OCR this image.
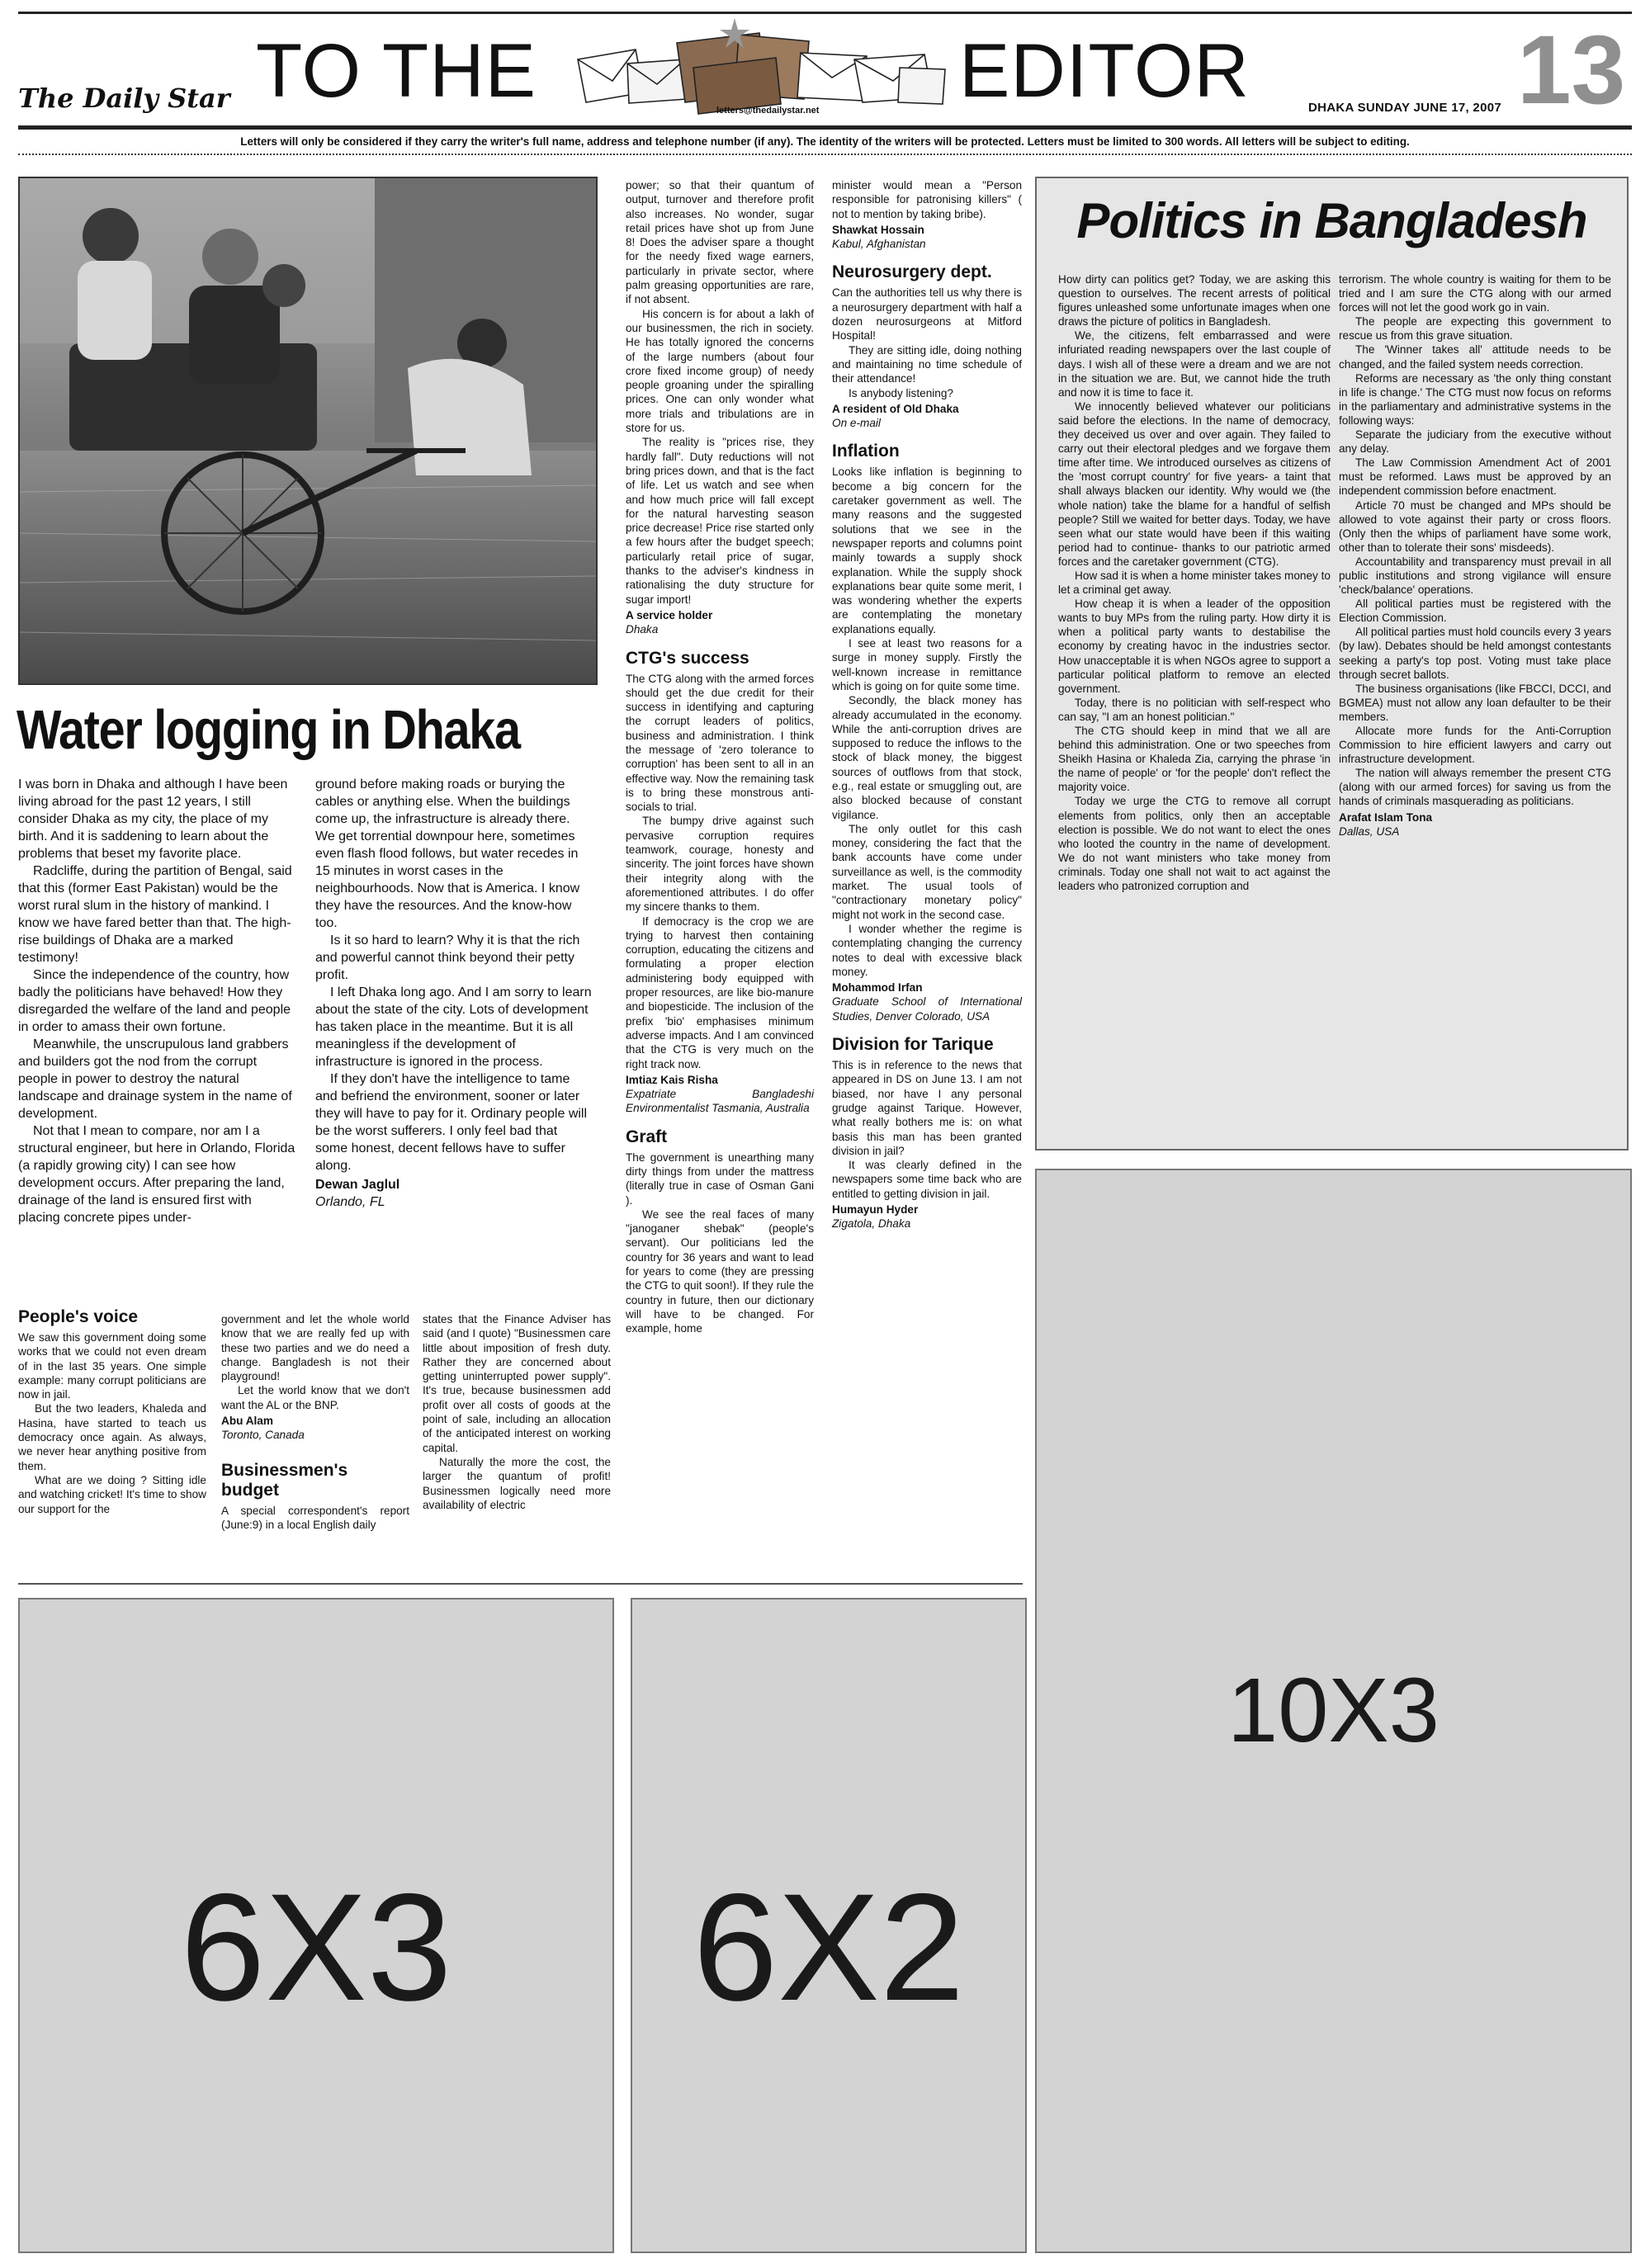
The Daily Star TO THE	letters@thedailystar.net EDITOR	DHAKA SUNDAY JUNE 17, 2007 13
Letters will only be considered if they carry the writer's full name, address and telephone number (if any). The identity of the writers will be protected. Letters must be limited to 300 words. All letters will be subject to editing.
Water logging in Dhaka

I was born in Dhaka and although I have been living abroad for the past 12 years, I still consider Dhaka as my city, the place of my birth. And it is saddening to learn about the problems that beset my favorite place.

Radcliffe, during the partition of Bengal, said that this (former East Pakistan) would be the worst rural slum in the history of mankind. I know we have fared better than that. The high-rise buildings of Dhaka are a marked testimony!

Since the independence of the country, how badly the politicians have behaved! How they disregarded the welfare of the land and people in order to amass their own fortune.

Meanwhile, the unscrupulous land grabbers and builders got the nod from the corrupt people in power to destroy the natural landscape and drainage system in the name of development.

Not that I mean to compare, nor am I a structural engineer, but here in Orlando, Florida (a rapidly growing city) I can see how development occurs. After preparing the land, drainage of the land is ensured first with placing concrete pipes under-

ground before making roads or burying the cables or anything else. When the buildings come up, the infrastructure is already there. We get torrential downpour here, sometimes even flash flood follows, but water recedes in 15 minutes in worst cases in the neighbourhoods. Now that is America. I know they have the resources. And the know-how too.

Is it so hard to learn? Why it is that the rich and powerful cannot think beyond their petty profit.

I left Dhaka long ago. And I am sorry to learn about the state of the city. Lots of development has taken place in the meantime. But it is all meaningless if the development of infrastructure is ignored in the process.

If they don't have the intelligence to tame and befriend the environment, sooner or later they will have to pay for it. Ordinary people will be the worst sufferers. I only feel bad that some honest, decent fellows have to suffer along.

Dewan Jaglul

Orlando, FL

People's voice

We saw this government doing some works that we could not even dream of in the last 35 years. One simple example: many corrupt politicians are now in jail.

But the two leaders, Khaleda and Hasina, have started to teach us democracy once again. As always, we never hear anything positive from them.

What are we doing ? Sitting idle and watching cricket! It's time to show our support for the

government and let the whole world know that we are really fed up with these two parties and we do need a change. Bangladesh is not their playground!

Let the world know that we don't want the AL or the BNP.

Abu Alam

Toronto, Canada

Businessmen's budget

A special correspondent's report (June:9) in a local English daily

states that the Finance Adviser has said (and I quote) "Businessmen care little about imposition of fresh duty. Rather they are concerned about getting uninterrupted power supply". It's true, because businessmen add profit over all costs of goods at the point of sale, including an allocation of the anticipated interest on working capital.

Naturally the more the cost, the larger the quantum of profit! Businessmen logically need more availability of electric

power; so that their quantum of output, turnover and therefore profit also increases. No wonder, sugar retail prices have shot up from June 8! Does the adviser spare a thought for the needy fixed wage earners, particularly in private sector, where palm greasing opportunities are rare, if not absent.

His concern is for about a lakh of our businessmen, the rich in society. He has totally ignored the concerns of the large numbers (about four crore fixed income group) of needy people groaning under the spiralling prices. One can only wonder what more trials and tribulations are in store for us.

The reality is "prices rise, they hardly fall". Duty reductions will not bring prices down, and that is the fact of life. Let us watch and see when and how much price will fall except for the natural harvesting season price decrease! Price rise started only a few hours after the budget speech; particularly retail price of sugar, thanks to the adviser's kindness in rationalising the duty structure for sugar import!

A service holder

Dhaka

CTG's success

The CTG along with the armed forces should get the due credit for their success in identifying and capturing the corrupt leaders of politics, business and administration. I think the message of 'zero tolerance to corruption' has been sent to all in an effective way. Now the remaining task is to bring these monstrous anti-socials to trial.

The bumpy drive against such pervasive corruption requires teamwork, courage, honesty and sincerity. The joint forces have shown their integrity along with the aforementioned attributes. I do offer my sincere thanks to them.

If democracy is the crop we are trying to harvest then containing corruption, educating the citizens and formulating a proper election administering body equipped with proper resources, are like bio-manure and biopesticide. The inclusion of the prefix 'bio' emphasises minimum adverse impacts. And I am convinced that the CTG is very much on the right track now.

Imtiaz Kais Risha

Expatriate Bangladeshi Environmentalist Tasmania, Australia

Graft

The government is unearthing many dirty things from under the mattress (literally true in case of Osman Gani ).

We see the real faces of many "janoganer shebak" (people's servant). Our politicians led the country for 36 years and want to lead for years to come (they are pressing the CTG to quit soon!). If they rule the country in future, then our dictionary will have to be changed. For example, home

minister would mean a "Person responsible for patronising killers" ( not to mention by taking bribe).

Shawkat Hossain

Kabul, Afghanistan

Neurosurgery dept.

Can the authorities tell us why there is a neurosurgery department with half a dozen neurosurgeons at Mitford Hospital!

They are sitting idle, doing nothing and maintaining no time schedule of their attendance!

Is anybody listening?

A resident of Old Dhaka

On e-mail

Inflation

Looks like inflation is beginning to become a big concern for the caretaker government as well. The many reasons and the suggested solutions that we see in the newspaper reports and columns point mainly towards a supply shock explanation. While the supply shock explanations bear quite some merit, I was wondering whether the experts are contemplating the monetary explanations equally.

I see at least two reasons for a surge in money supply. Firstly the well-known increase in remittance which is going on for quite some time.

Secondly, the black money has already accumulated in the economy. While the anti-corruption drives are supposed to reduce the inflows to the stock of black money, the biggest sources of outflows from that stock, e.g., real estate or smuggling out, are also blocked because of constant vigilance.

The only outlet for this cash money, considering the fact that the bank accounts have come under surveillance as well, is the commodity market. The usual tools of "contractionary monetary policy" might not work in the second case.

I wonder whether the regime is contemplating changing the currency notes to deal with excessive black money.

Mohammod Irfan

Graduate School of International Studies, Denver Colorado, USA

Division for Tarique

This is in reference to the news that appeared in DS on June 13. I am not biased, nor have I any personal grudge against Tarique. However, what really bothers me is: on what basis this man has been granted division in jail?

It was clearly defined in the newspapers some time back who are entitled to getting division in jail.

Humayun Hyder

Zigatola, Dhaka

Politics in Bangladesh

How dirty can politics get? Today, we are asking this question to ourselves. The recent arrests of political figures unleashed some unfortunate images when one draws the picture of politics in Bangladesh.

We, the citizens, felt embarrassed and were infuriated reading newspapers over the last couple of days. I wish all of these were a dream and we are not in the situation we are. But, we cannot hide the truth and now it is time to face it.

We innocently believed whatever our politicians said before the elections. In the name of democracy, they deceived us over and over again. They failed to carry out their electoral pledges and we forgave them time after time. We introduced ourselves as citizens of the 'most corrupt country' for five years- a taint that shall always blacken our identity. Why would we (the whole nation) take the blame for a handful of selfish people? Still we waited for better days. Today, we have seen what our state would have been if this waiting period had to continue- thanks to our patriotic armed forces and the caretaker government (CTG).

How sad it is when a home minister takes money to let a criminal get away.

How cheap it is when a leader of the opposition wants to buy MPs from the ruling party. How dirty it is when a political party wants to destabilise the economy by creating havoc in the industries sector. How unacceptable it is when NGOs agree to support a particular political platform to remove an elected government.

Today, there is no politician with self-respect who can say, "I am an honest politician."

The CTG should keep in mind that we all are behind this administration. One or two speeches from Sheikh Hasina or Khaleda Zia, carrying the phrase 'in the name of people' or 'for the people' don't reflect the majority voice.

Today we urge the CTG to remove all corrupt elements from politics, only then an acceptable election is possible. We do not want to elect the ones who looted the country in the name of development. We do not want ministers who take money from criminals. Today one shall not wait to act against the leaders who patronized corruption and

terrorism. The whole country is waiting for them to be tried and I am sure the CTG along with our armed forces will not let the good work go in vain.

The people are expecting this government to rescue us from this grave situation.

The 'Winner takes all' attitude needs to be changed, and the failed system needs correction.

Reforms are necessary as 'the only thing constant in life is change.' The CTG must now focus on reforms in the parliamentary and administrative systems in the following ways:

Separate the judiciary from the executive without any delay.

The Law Commission Amendment Act of 2001 must be reformed. Laws must be approved by an independent commission before enactment.

Article 70 must be changed and MPs should be allowed to vote against their party or cross floors. (Only then the whips of parliament have some work, other than to tolerate their sons' misdeeds).

Accountability and transparency must prevail in all public institutions and strong vigilance will ensure 'check/balance' operations.

All political parties must be registered with the Election Commission.

All political parties must hold councils every 3 years (by law). Debates should be held amongst contestants seeking a party's top post. Voting must take place through secret ballots.

The business organisations (like FBCCI, DCCI, and BGMEA) must not allow any loan defaulter to be their members.

Allocate more funds for the Anti-Corruption Commission to hire efficient lawyers and carry out infrastructure development.

The nation will always remember the present CTG (along with our armed forces) for saving us from the hands of criminals masquerading as politicians.

Arafat Islam Tona

Dallas, USA

6X3	6X2
10X3
